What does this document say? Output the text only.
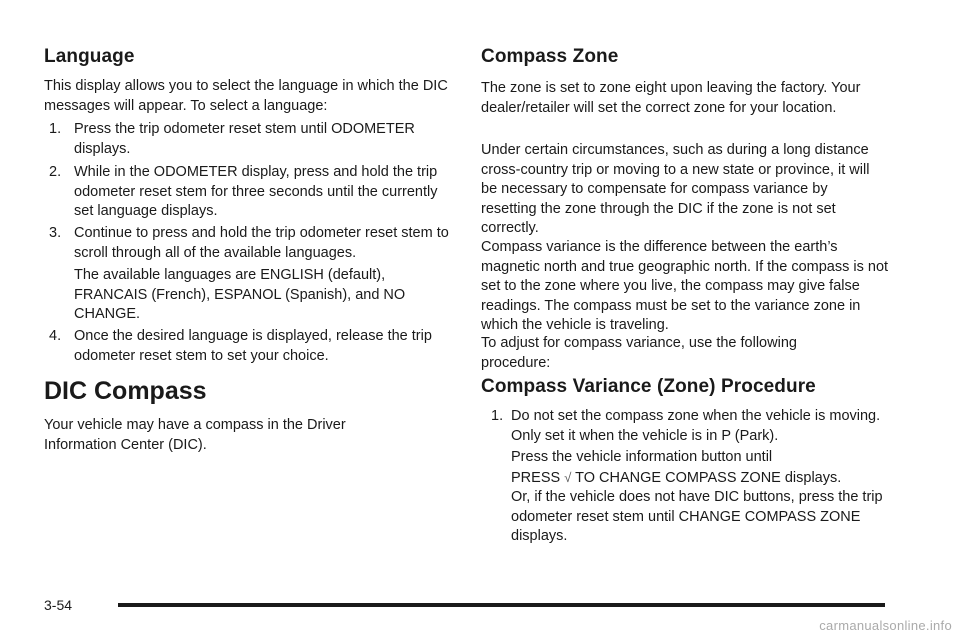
Language

This display allows you to select the language in which the DIC messages will appear. To select a language:

1. Press the trip odometer reset stem until ODOMETER displays.
2. While in the ODOMETER display, press and hold the trip odometer reset stem for three seconds until the currently set language displays.
3. Continue to press and hold the trip odometer reset stem to scroll through all of the available languages.

The available languages are ENGLISH (default), FRANCAIS (French), ESPANOL (Spanish), and NO CHANGE.

4. Once the desired language is displayed, release the trip odometer reset stem to set your choice.
DIC Compass

Your vehicle may have a compass in the Driver Information Center (DIC).

Compass Zone

The zone is set to zone eight upon leaving the factory. Your dealer/retailer will set the correct zone for your location.

Under certain circumstances, such as during a long distance cross-country trip or moving to a new state or province, it will be necessary to compensate for compass variance by resetting the zone through the DIC if the zone is not set correctly.

Compass variance is the difference between the earth’s magnetic north and true geographic north. If the compass is not set to the zone where you live, the compass may give false readings. The compass must be set to the variance zone in which the vehicle is traveling.

To adjust for compass variance, use the following procedure:

Compass Variance (Zone) Procedure
1. Do not set the compass zone when the vehicle is moving. Only set it when the vehicle is in P (Park).

Press the vehicle information button until
PRESS √ TO CHANGE COMPASS ZONE displays.

Or, if the vehicle does not have DIC buttons, press the trip odometer reset stem until CHANGE COMPASS ZONE displays.

3-54
carmanualsonline.info
